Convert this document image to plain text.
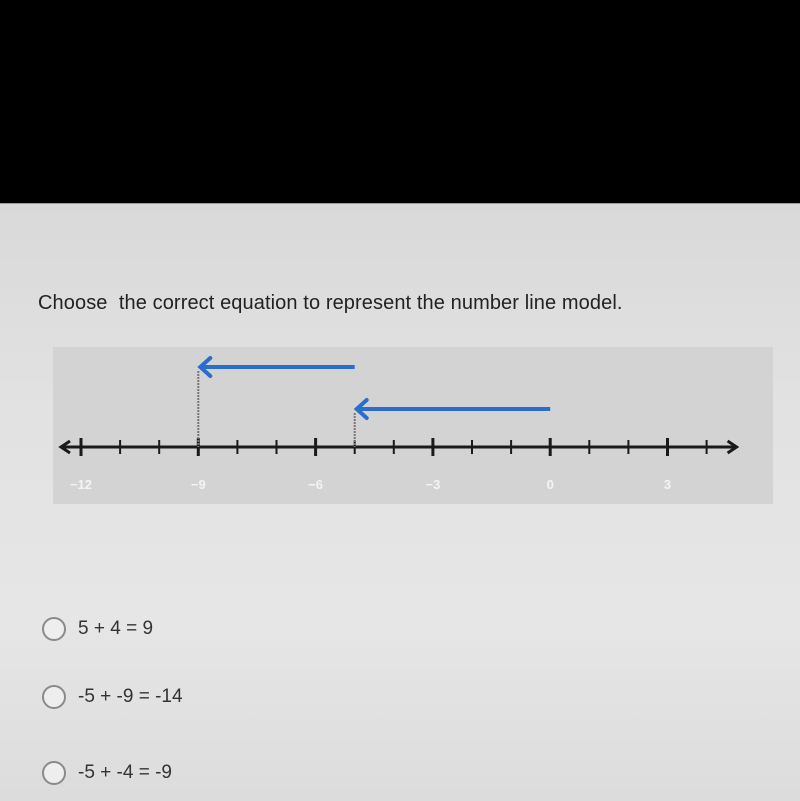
Choose  the correct equation to represent the number line model.
−12	−9	−6	−3	0	3
5 + 4 = 9
-5 + -9 = -14
-5 + -4 = -9
